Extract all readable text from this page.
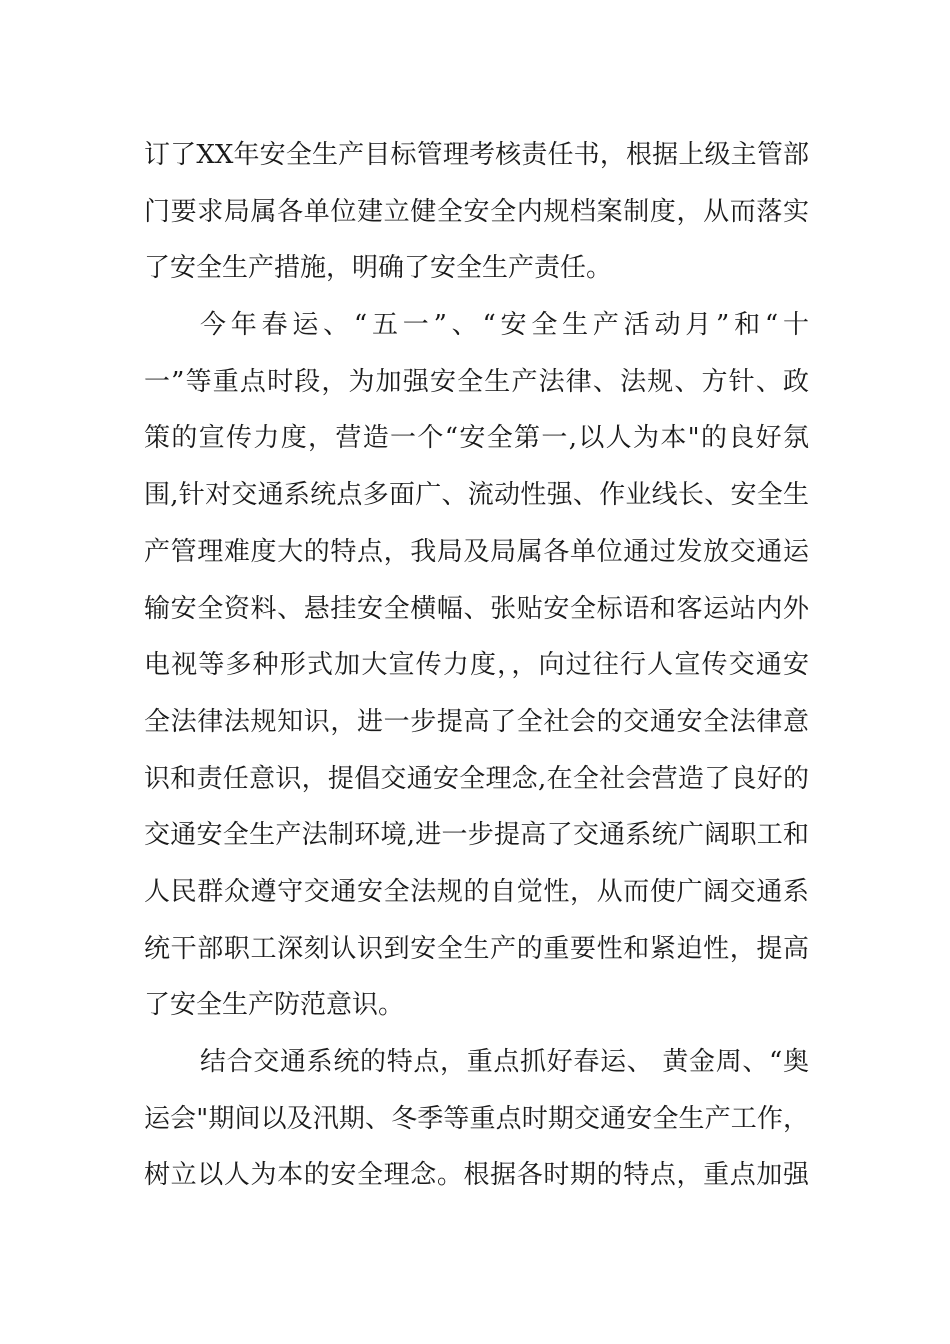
订了XX年安全生产目标管理考核责任书，根据上级主管部
门要求局属各单位建立健全安全内规档案制度，从而落实
了安全生产措施，明确了安全生产责任。
今年春运、“五一”、“安全生产活动月”和“十
一”等重点时段，为加强安全生产法律、法规、方针、政
策的宣传力度，营造一个“安全第一,以人为本"的良好氛
围,针对交通系统点多面广、流动性强、作业线长、安全生
产管理难度大的特点，我局及局属各单位通过发放交通运
输安全资料、悬挂安全横幅、张贴安全标语和客运站内外
电视等多种形式加大宣传力度，，向过往行人宣传交通安
全法律法规知识，进一步提高了全社会的交通安全法律意
识和责任意识，提倡交通安全理念,在全社会营造了良好的
交通安全生产法制环境,进一步提高了交通系统广阔职工和
人民群众遵守交通安全法规的自觉性，从而使广阔交通系
统干部职工深刻认识到安全生产的重要性和紧迫性，提高
了安全生产防范意识。
结合交通系统的特点，重点抓好春运、 黄金周、“奥
运会"期间以及汛期、冬季等重点时期交通安全生产工作，
树立以人为本的安全理念。根据各时期的特点，重点加强
